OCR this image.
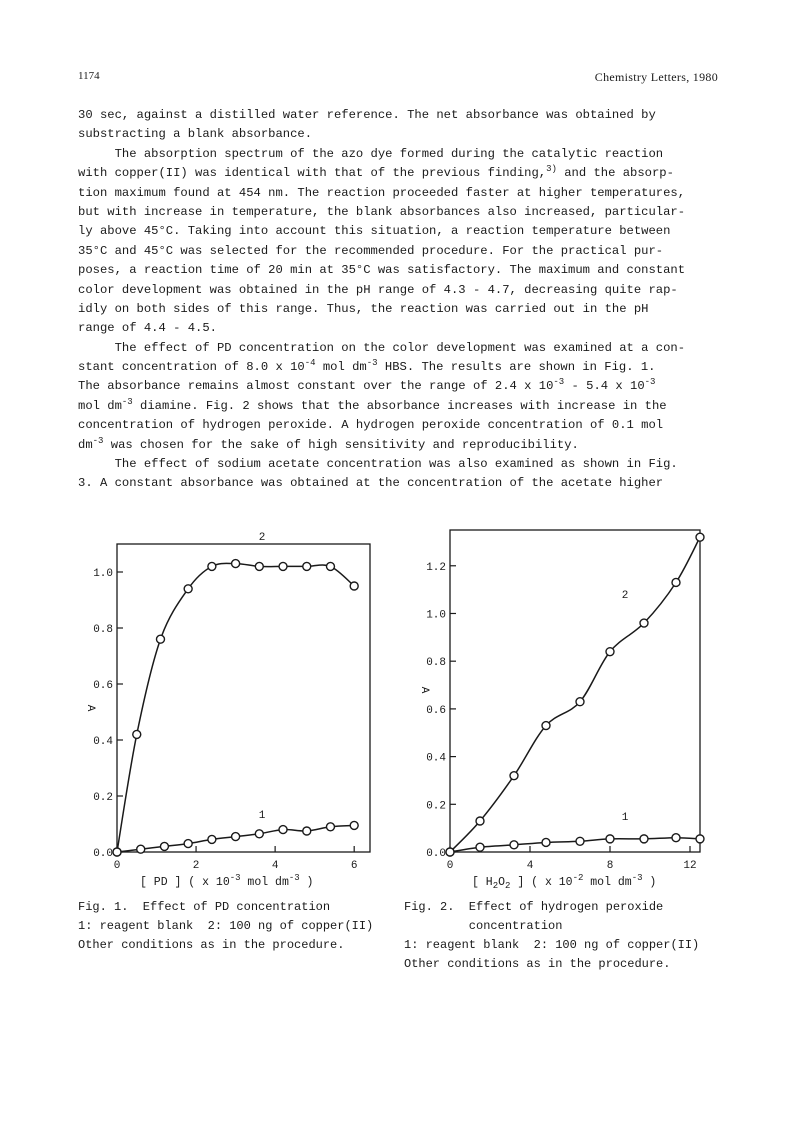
1174	Chemistry Letters, 1980
30 sec, against a distilled water reference. The net absorbance was obtained by
substracting a blank absorbance.
The absorption spectrum of the azo dye formed during the catalytic reaction
with copper(II) was identical with that of the previous finding,$^{3)}$ and the absorp-
tion maximum found at 454 nm. The reaction proceeded faster at higher temperatures,
but with increase in temperature, the blank absorbances also increased, particular-
ly above 45°C. Taking into account this situation, a reaction temperature between
35°C and 45°C was selected for the recommended procedure. For the practical pur-
poses, a reaction time of 20 min at 35°C was satisfactory. The maximum and constant
color development was obtained in the pH range of 4.3 - 4.7, decreasing quite rap-
idly on both sides of this range. Thus, the reaction was carried out in the pH
range of 4.4 - 4.5.
The effect of PD concentration on the color development was examined at a con-
stant concentration of 8.0 x $10^{-4}$ mol $dm^{-3}$ HBS. The results are shown in Fig. 1.
The absorbance remains almost constant over the range of 2.4 x $10^{-3} - 5.4$ x $10^{-3}$
mol $dm^{-3}$ diamine. Fig. 2 shows that the absorbance increases with increase in the
concentration of hydrogen peroxide. A hydrogen peroxide concentration of 0.1 mol
$dm^{-3}$ was chosen for the sake of high sensitivity and reproducibility.
The effect of sodium acetate concentration was also examined as shown in Fig.
3. A constant absorbance was obtained at the concentration of the acetate higher
0.0
0.2
0.4
0.6
0.8
1.0
0	2	4	6
A
1
2
[ PD ] ( x $10^{-3}$ mol $dm^{-3}$ )
Fig. 1.  Effect of PD concentration
1: reagent blank  2: 100 ng of copper(II)
Other conditions as in the procedure.
0.0
0.2
0.4
0.6
0.8
1.0
1.2
0	4	8	12
A
1
2
[ $H_2O_2$ ] ( x $10^{-2}$ mol $dm^{-3}$ )
Fig. 2.  Effect of hydrogen peroxide
concentration
1: reagent blank  2: 100 ng of copper(II)
Other conditions as in the procedure.
